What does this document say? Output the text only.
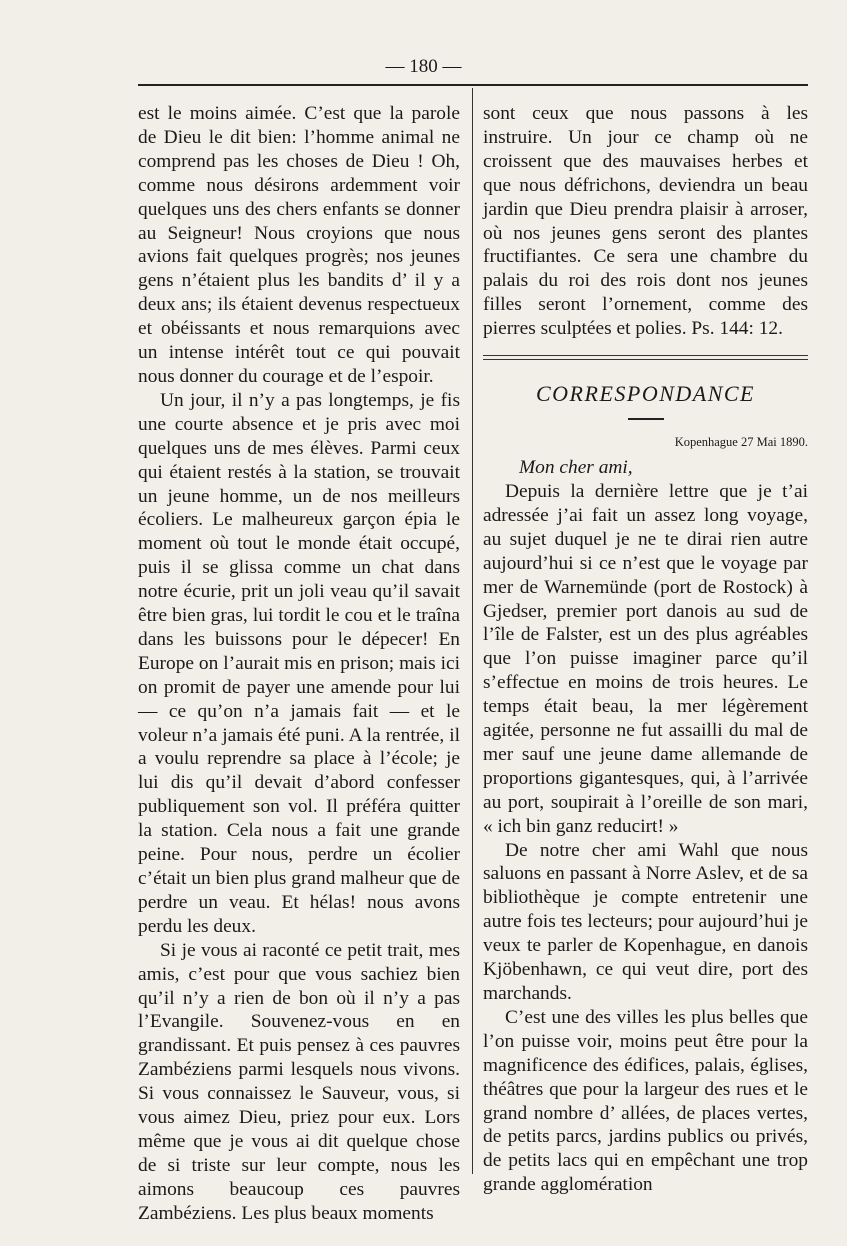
— 180 —

est le moins aimée. C’est que la parole de Dieu le dit bien: l’homme animal ne comprend pas les choses de Dieu ! Oh, comme nous désirons ardemment voir quelques uns des chers enfants se donner au Seigneur! Nous croyions que nous avions fait quelques progrès; nos jeunes gens n’étaient plus les bandits d’ il y a deux ans; ils étaient devenus respectueux et obéissants et nous remarquions avec un intense intérêt tout ce qui pouvait nous donner du courage et de l’espoir.

Un jour, il n’y a pas longtemps, je fis une courte absence et je pris avec moi quelques uns de mes élèves. Parmi ceux qui étaient restés à la station, se trouvait un jeune homme, un de nos meilleurs écoliers. Le malheureux garçon épia le moment où tout le monde était occupé, puis il se glissa comme un chat dans notre écurie, prit un joli veau qu’il savait être bien gras, lui tordit le cou et le traîna dans les buissons pour le dépecer! En Europe on l’aurait mis en prison; mais ici on promit de payer une amende pour lui — ce qu’on n’a jamais fait — et le voleur n’a jamais été puni. A la rentrée, il a voulu reprendre sa place à l’école; je lui dis qu’il devait d’abord confesser publiquement son vol. Il préféra quitter la station. Cela nous a fait une grande peine. Pour nous, perdre un écolier c’était un bien plus grand malheur que de perdre un veau. Et hélas! nous avons perdu les deux.

Si je vous ai raconté ce petit trait, mes amis, c’est pour que vous sachiez bien qu’il n’y a rien de bon où il n’y a pas l’Evangile. Souvenez-vous en en grandissant. Et puis pensez à ces pauvres Zambéziens parmi lesquels nous vivons. Si vous connaissez le Sauveur, vous, si vous aimez Dieu, priez pour eux. Lors même que je vous ai dit quelque chose de si triste sur leur compte, nous les aimons beaucoup ces pauvres Zambéziens. Les plus beaux moments

sont ceux que nous passons à les instruire. Un jour ce champ où ne croissent que des mauvaises herbes et que nous défrichons, deviendra un beau jardin que Dieu prendra plaisir à arroser, où nos jeunes gens seront des plantes fructifiantes. Ce sera une chambre du palais du roi des rois dont nos jeunes filles seront l’ornement, comme des pierres sculptées et polies. Ps. 144: 12.

CORRESPONDANCE

Kopenhague 27 Mai 1890.

Mon cher ami,

Depuis la dernière lettre que je t’ai adressée j’ai fait un assez long voyage, au sujet duquel je ne te dirai rien autre aujourd’hui si ce n’est que le voyage par mer de Warnemünde (port de Rostock) à Gjedser, premier port danois au sud de l’île de Falster, est un des plus agréables que l’on puisse imaginer parce qu’il s’effectue en moins de trois heures. Le temps était beau, la mer légèrement agitée, personne ne fut assailli du mal de mer sauf une jeune dame allemande de proportions gigantesques, qui, à l’arrivée au port, soupirait à l’oreille de son mari, « ich bin ganz reducirt! »

De notre cher ami Wahl que nous saluons en passant à Norre Aslev, et de sa bibliothèque je compte entretenir une autre fois tes lecteurs; pour aujourd’hui je veux te parler de Kopenhague, en danois Kjöbenhawn, ce qui veut dire, port des marchands.

C’est une des villes les plus belles que l’on puisse voir, moins peut être pour la magnificence des édifices, palais, églises, théâtres que pour la largeur des rues et le grand nombre d’ allées, de places vertes, de petits parcs, jardins publics ou privés, de petits lacs qui en empêchant une trop grande agglomération
